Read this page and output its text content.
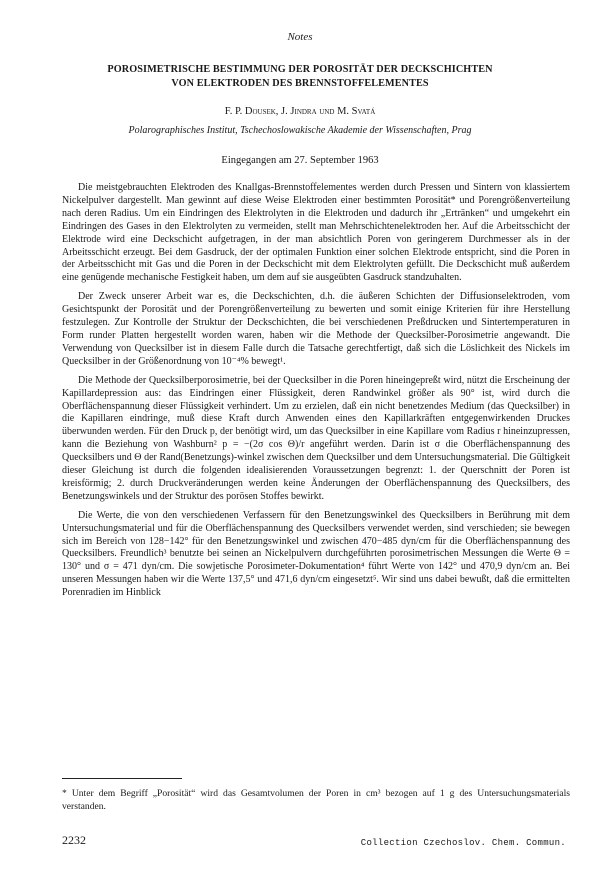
Notes
POROSIMETRISCHE BESTIMMUNG DER POROSITÄT DER DECKSCHICHTEN
VON ELEKTRODEN DES BRENNSTOFFELEMENTES
F. P. Dousek, J. Jindra und M. Svatá
Polarographisches Institut, Tschechoslowakische Akademie der Wissenschaften, Prag
Eingegangen am 27. September 1963

Die meistgebrauchten Elektroden des Knallgas-Brennstoffelementes werden durch Pressen und Sintern von klassiertem Nickelpulver dargestellt. Man gewinnt auf diese Weise Elektroden einer bestimmten Porosität* und Porengrößenverteilung nach deren Radius. Um ein Eindringen des Elektrolyten in die Elektroden und dadurch ihr „Ertränken“ und umgekehrt ein Eindringen des Gases in den Elektrolyten zu vermeiden, stellt man Mehrschichtenelektroden her. Auf die Arbeitsschicht der Elektrode wird eine Deckschicht aufgetragen, in der man absichtlich Poren von geringerem Durchmesser als in der Arbeitsschicht erzeugt. Bei dem Gasdruck, der der optimalen Funktion einer solchen Elektrode entspricht, sind die Poren in der Arbeitsschicht mit Gas und die Poren in der Deckschicht mit dem Elektrolyten gefüllt. Die Deckschicht muß außerdem eine genügende mechanische Festigkeit haben, um dem auf sie ausgeübten Gasdruck standzuhalten.

Der Zweck unserer Arbeit war es, die Deckschichten, d.h. die äußeren Schichten der Diffusionselektroden, vom Gesichtspunkt der Porosität und der Porengrößenverteilung zu bewerten und somit einige Kriterien für ihre Herstellung festzulegen. Zur Kontrolle der Struktur der Deckschichten, die bei verschiedenen Preßdrucken und Sintertemperaturen in Form runder Platten hergestellt worden waren, haben wir die Methode der Quecksilber-Porosimetrie angewandt. Die Verwendung von Quecksilber ist in diesem Falle durch die Tatsache gerechtfertigt, daß sich die Löslichkeit des Nickels im Quecksilber in der Größenordnung von 10⁻⁴% bewegt¹.

Die Methode der Quecksilberporosimetrie, bei der Quecksilber in die Poren hineingepreßt wird, nützt die Erscheinung der Kapillardepression aus: das Eindringen einer Flüssigkeit, deren Randwinkel größer als 90° ist, wird durch die Oberflächenspannung dieser Flüssigkeit verhindert. Um zu erzielen, daß ein nicht benetzendes Medium (das Quecksilber) in die Kapillaren eindringe, muß diese Kraft durch Anwenden eines den Kapillarkräften entgegenwirkenden Druckes überwunden werden. Für den Druck p, der benötigt wird, um das Quecksilber in eine Kapillare vom Radius r hineinzupressen, kann die Beziehung von Washburn² p = −(2σ cos Θ)/r angeführt werden. Darin ist σ die Oberflächenspannung des Quecksilbers und Θ der Rand(Benetzungs)-winkel zwischen dem Quecksilber und dem Untersuchungsmaterial. Die Gültigkeit dieser Gleichung ist durch die folgenden idealisierenden Voraussetzungen begrenzt: 1. der Querschnitt der Poren ist kreisförmig; 2. durch Druckveränderungen werden keine Änderungen der Oberflächenspannung des Quecksilbers, des Benetzungswinkels und der Struktur des porösen Stoffes bewirkt.

Die Werte, die von den verschiedenen Verfassern für den Benetzungswinkel des Quecksilbers in Berührung mit dem Untersuchungsmaterial und für die Oberflächenspannung des Quecksilbers verwendet werden, sind verschieden; sie bewegen sich im Bereich von 128−142° für den Benetzungswinkel und zwischen 470−485 dyn/cm für die Oberflächenspannung des Quecksilbers. Freundlich³ benutzte bei seinen an Nickelpulvern durchgeführten porosimetrischen Messungen die Werte Θ = 130° und σ = 471 dyn/cm. Die sowjetische Porosimeter-Dokumentation⁴ führt Werte von 142° und 470,9 dyn/cm an. Bei unseren Messungen haben wir die Werte 137,5° und 471,6 dyn/cm eingesetzt⁵. Wir sind uns dabei bewußt, daß die ermittelten Porenradien im Hinblick

* Unter dem Begriff „Porosität“ wird das Gesamtvolumen der Poren in cm³ bezogen auf 1 g des Untersuchungsmaterials verstanden.
2232	Collection Czechoslov. Chem. Commun.
